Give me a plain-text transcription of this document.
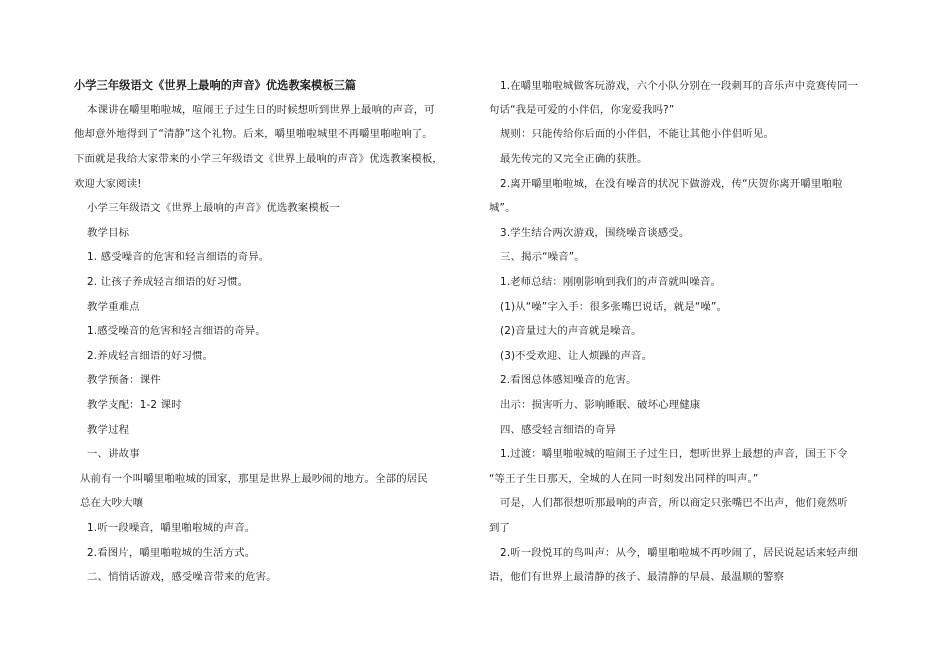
小学三年级语文《世界上最响的声音》优选教案模板三篇
本课讲在嚼里啪啦城，喧闹王子过生日的时候想听到世界上最响的声音，可
他却意外地得到了“清静”这个礼物。后来，嚼里啪啦城里不再嚼里啪啦响了。
下面就是我给大家带来的小学三年级语文《世界上最响的声音》优选教案模板，
欢迎大家阅读!
小学三年级语文《世界上最响的声音》优选教案模板一
教学目标
1. 感受噪音的危害和轻言细语的奇异。
2. 让孩子养成轻言细语的好习惯。
教学重难点
1.感受噪音的危害和轻言细语的奇异。
2.养成轻言细语的好习惯。
教学预备：课件
教学支配：1-2 课时
教学过程
一、讲故事
从前有一个叫嚼里啪啦城的国家，那里是世界上最吵闹的地方。全部的居民
总在大吵大嚷
1.听一段噪音，嚼里啪啦城的声音。
2.看图片，嚼里啪啦城的生活方式。
二、悄悄话游戏，感受噪音带来的危害。
1.在嚼里啪啦城做客玩游戏，六个小队分别在一段刺耳的音乐声中竞赛传同一
句话“我是可爱的小伴侣，你宠爱我吗?”
规则：只能传给你后面的小伴侣，不能让其他小伴侣听见。
最先传完的又完全正确的获胜。
2.离开嚼里啪啦城，在没有噪音的状况下做游戏，传“庆贺你离开嚼里啪啦
城”。
3.学生结合两次游戏，围绕噪音谈感受。
三、揭示“噪音”。
1.老师总结：刚刚影响到我们的声音就叫噪音。
(1)从“噪”字入手：很多张嘴巴说话，就是“噪”。
(2)音量过大的声音就是噪音。
(3)不受欢迎、让人烦躁的声音。
2.看图总体感知噪音的危害。
出示：损害听力、影响睡眠、破坏心理健康
四、感受轻言细语的奇异
1.过渡：嚼里啪啦城的喧闹王子过生日，想听世界上最想的声音，国王下令
“等王子生日那天，全城的人在同一时刻发出同样的叫声。”
可是，人们都很想听那最响的声音，所以商定只张嘴巴不出声，他们竟然听
到了
2.听一段悦耳的鸟叫声：从今，嚼里啪啦城不再吵闹了，居民说起话来轻声细
语，他们有世界上最清静的孩子、最清静的早晨、最温顺的警察
